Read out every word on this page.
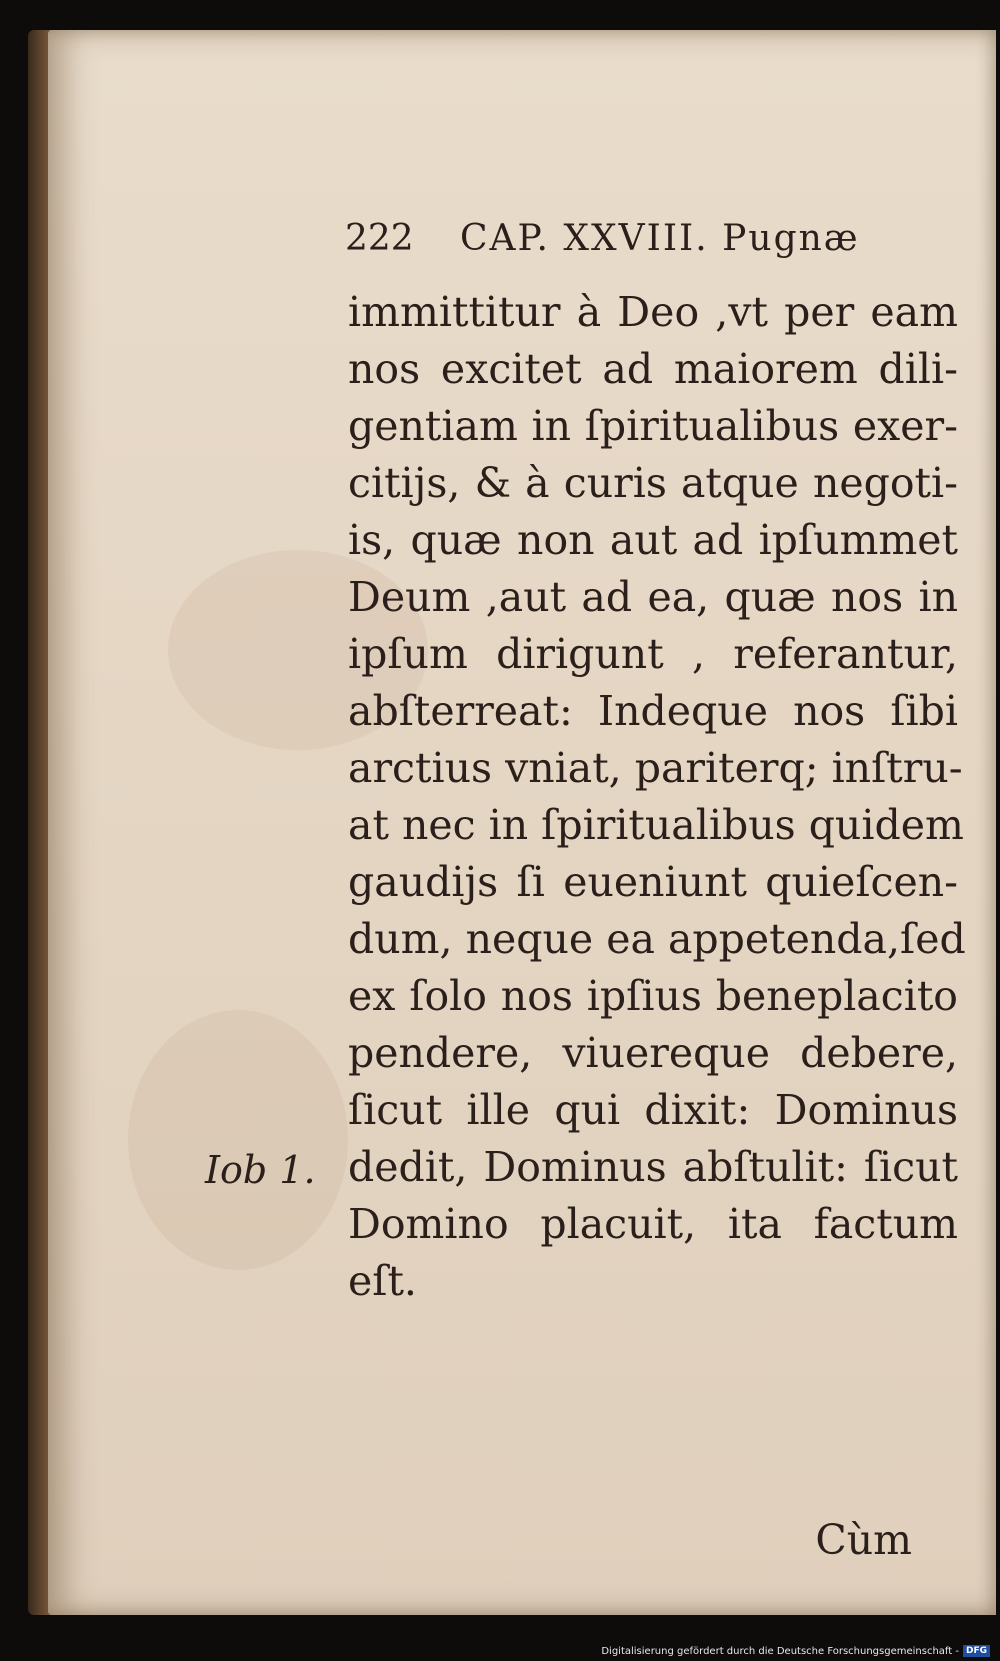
222 CAP. XXVIII. Pugnæ
immittitur à Deo ,vt per eam
nos excitet ad maiorem dili-
gentiam in ſpiritualibus exer-
citijs, & à curis atque negoti-
is, quæ non aut ad ipſummet
Deum ,aut ad ea, quæ nos in
ipſum dirigunt , referantur,
abſterreat: Indeque nos ſibi
arctius vniat, pariterq; inſtru-
at nec in ſpiritualibus quidem
gaudijs ſi eueniunt quieſcen-
dum, neque ea appetenda,ſed
ex ſolo nos ipſius beneplacito
pendere, viuereque debere,
ſicut ille qui dixit: Dominus
dedit, Dominus abſtulit: ſicut
Domino placuit, ita factum
eſt.
Cùm
Iob 1.
Digitalisierung gefördert durch die Deutsche Forschungsgemeinschaft - DFG
